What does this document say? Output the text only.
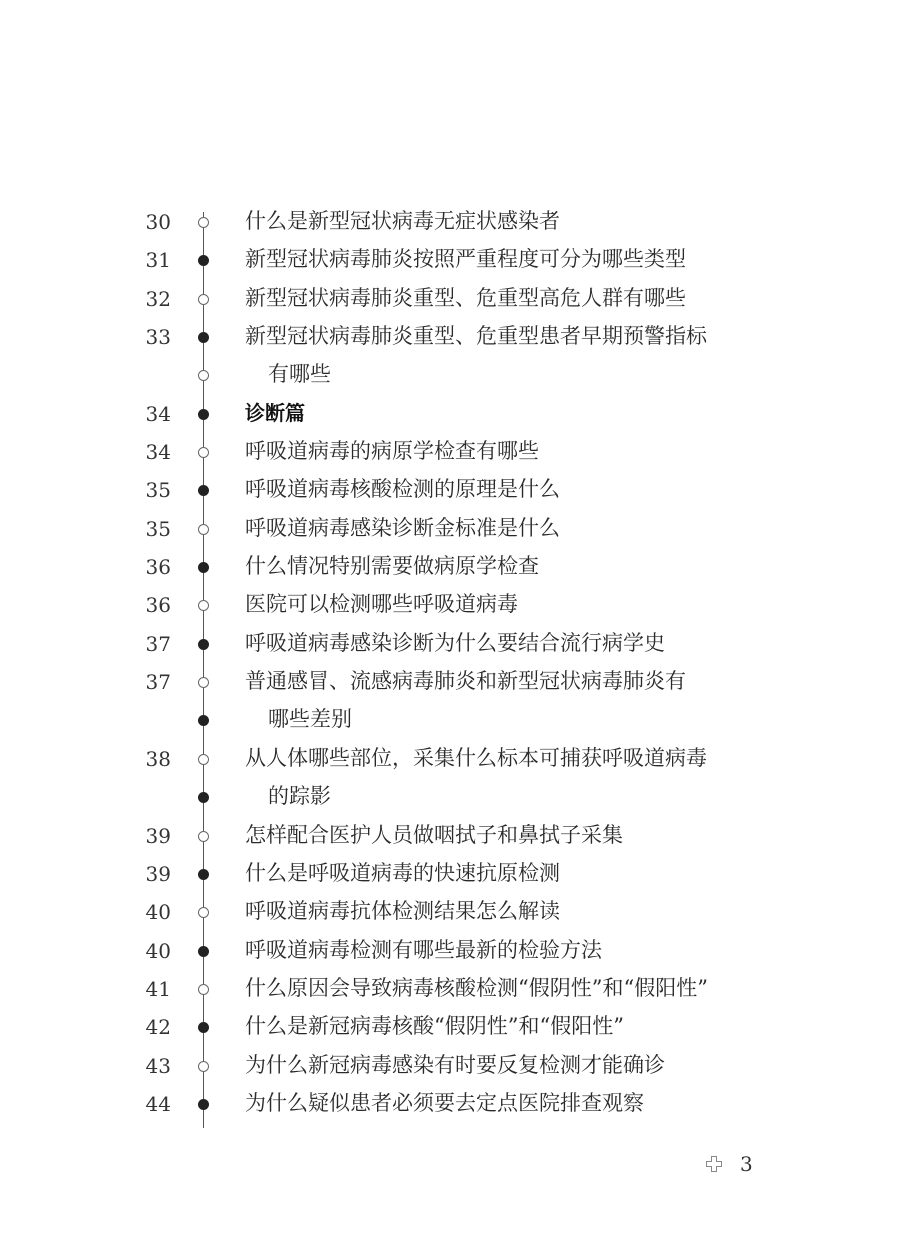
30	什么是新型冠状病毒无症状感染者
31	新型冠状病毒肺炎按照严重程度可分为哪些类型
32	新型冠状病毒肺炎重型、危重型高危人群有哪些
33	新型冠状病毒肺炎重型、危重型患者早期预警指标
有哪些
34	诊断篇
34	呼吸道病毒的病原学检查有哪些
35	呼吸道病毒核酸检测的原理是什么
35	呼吸道病毒感染诊断金标准是什么
36	什么情况特别需要做病原学检查
36	医院可以检测哪些呼吸道病毒
37	呼吸道病毒感染诊断为什么要结合流行病学史
37	普通感冒、流感病毒肺炎和新型冠状病毒肺炎有
哪些差别
38	从人体哪些部位，采集什么标本可捕获呼吸道病毒
的踪影
39	怎样配合医护人员做咽拭子和鼻拭子采集
39	什么是呼吸道病毒的快速抗原检测
40	呼吸道病毒抗体检测结果怎么解读
40	呼吸道病毒检测有哪些最新的检验方法
41	什么原因会导致病毒核酸检测“假阴性”和“假阳性”
42	什么是新冠病毒核酸“假阴性”和“假阳性”
43	为什么新冠病毒感染有时要反复检测才能确诊
44	为什么疑似患者必须要去定点医院排查观察
3
